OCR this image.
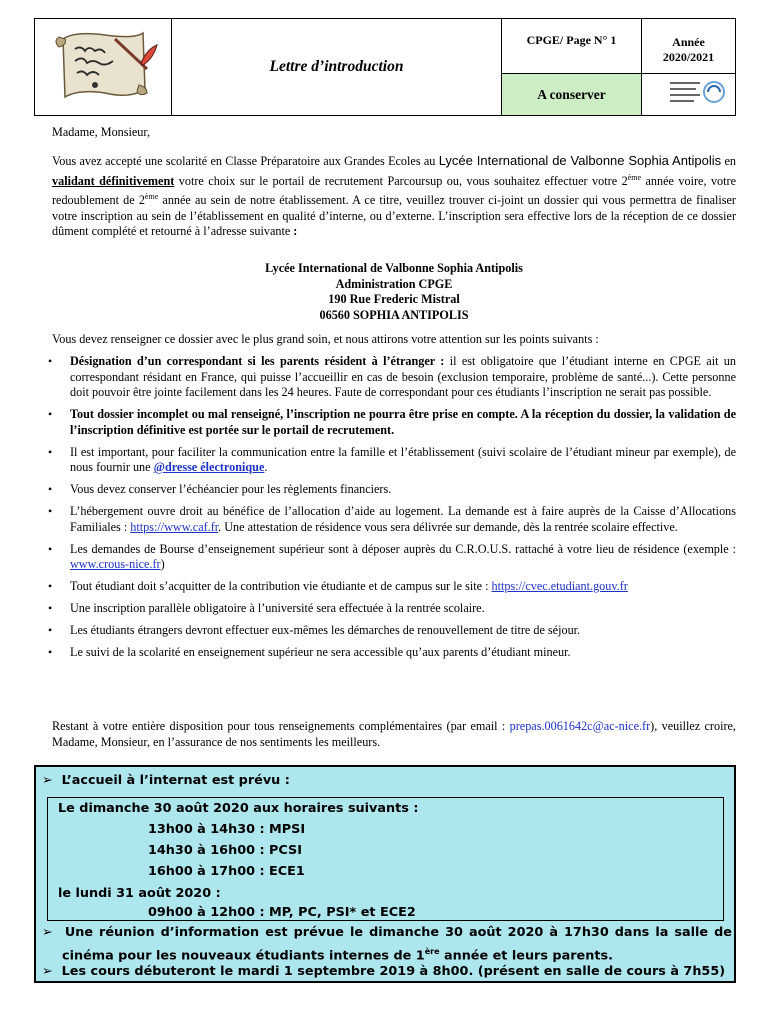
Lettre d’introduction
CPGE/ Page N° 1	Année
2020/2021
A conserver
Madame, Monsieur,
Vous avez accepté une scolarité en Classe Préparatoire aux Grandes Ecoles au Lycée International de Valbonne Sophia Antipolis en validant définitivement votre choix sur le portail de recrutement Parcoursup ou, vous souhaitez effectuer votre 2ème année voire, votre redoublement de 2ème année au sein de notre établissement. A ce titre, veuillez trouver ci-joint un dossier qui vous permettra de finaliser votre inscription au sein de l’établissement en qualité d’interne, ou d’externe. L’inscription sera effective lors de la réception de ce dossier dûment complété et retourné à l’adresse suivante :
Lycée International de Valbonne Sophia Antipolis
Administration CPGE
190 Rue Frederic Mistral
06560 SOPHIA ANTIPOLIS
Vous devez renseigner ce dossier avec le plus grand soin, et nous attirons votre attention sur les points suivants :
• Désignation d’un correspondant si les parents résident à l’étranger : il est obligatoire que l’étudiant interne en CPGE ait un correspondant résidant en France, qui puisse l’accueillir en cas de besoin (exclusion temporaire, problème de santé...). Cette personne doit pouvoir être jointe facilement dans les 24 heures. Faute de correspondant pour ces étudiants l’inscription ne serait pas possible.
• Tout dossier incomplet ou mal renseigné, l’inscription ne pourra être prise en compte. A la réception du dossier, la validation de l’inscription définitive est portée sur le portail de recrutement.
• Il est important, pour faciliter la communication entre la famille et l’établissement (suivi scolaire de l’étudiant mineur par exemple), de nous fournir une @dresse électronique.
• Vous devez conserver l’échéancier pour les règlements financiers.
• L’hébergement ouvre droit au bénéfice de l’allocation d’aide au logement. La demande est à faire auprès de la Caisse d’Allocations Familiales : https://www.caf.fr. Une attestation de résidence vous sera délivrée sur demande, dès la rentrée scolaire effective.
• Les demandes de Bourse d’enseignement supérieur sont à déposer auprès du C.R.O.U.S. rattaché à votre lieu de résidence (exemple : www.crous-nice.fr)
• Tout étudiant doit s’acquitter de la contribution vie étudiante et de campus sur le site : https://cvec.etudiant.gouv.fr
• Une inscription parallèle obligatoire à l’université sera effectuée à la rentrée scolaire.
• Les étudiants étrangers devront effectuer eux-mêmes les démarches de renouvellement de titre de séjour.
• Le suivi de la scolarité en enseignement supérieur ne sera accessible qu’aux parents d’étudiant mineur.
Restant à votre entière disposition pour tous renseignements complémentaires (par email : prepas.0061642c@ac-nice.fr), veuillez croire, Madame, Monsieur, en l’assurance de nos sentiments les meilleurs.
➢ L’accueil à l’internat est prévu :
Le dimanche 30 août 2020 aux horaires suivants :
13h00 à 14h30 : MPSI
14h30 à 16h00 : PCSI
16h00 à 17h00 : ECE1
le lundi 31 août 2020 :
09h00 à 12h00 : MP, PC, PSI* et ECE2
➢ Une réunion d’information est prévue le dimanche 30 août 2020 à 17h30 dans la salle de
cinéma pour les nouveaux étudiants internes de 1ère année et leurs parents.
➢ Les cours débuteront le mardi 1 septembre 2019 à 8h00. (présent en salle de cours à 7h55)
